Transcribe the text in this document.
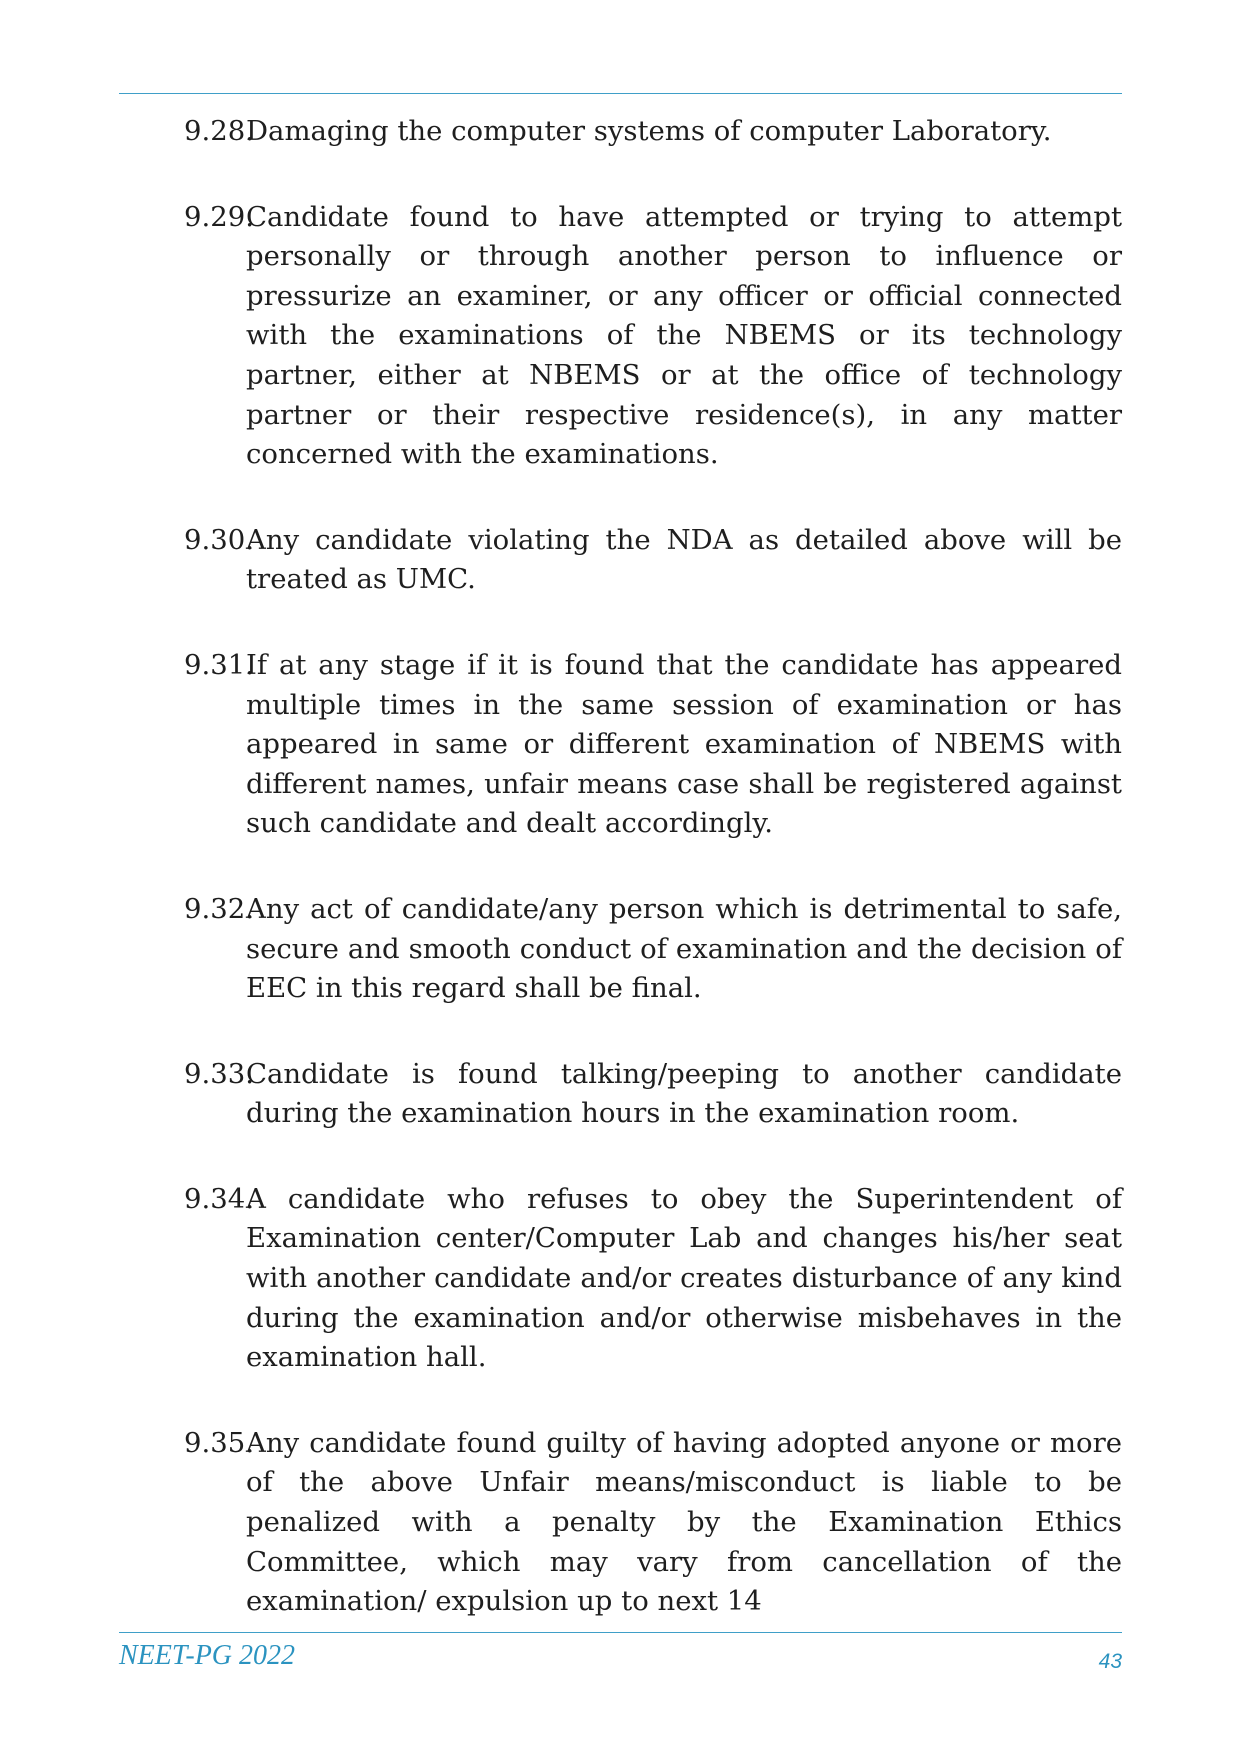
9.28.
Damaging the computer systems of computer Laboratory.
9.29.
Candidate found to have attempted or trying to attempt personally or through another person to influence or pressurize an examiner, or any officer or official connected with the examinations of the NBEMS or its technology partner, either at NBEMS or at the office of technology partner or their respective residence(s), in any matter concerned with the examinations.
9.30.
Any candidate violating the NDA as detailed above will be treated as UMC.
9.31.
If at any stage if it is found that the candidate has appeared multiple times in the same session of examination or has appeared in same or different examination of NBEMS with different names, unfair means case shall be registered against such candidate and dealt accordingly.
9.32.
Any act of candidate/any person which is detrimental to safe, secure and smooth conduct of examination and the decision of EEC in this regard shall be final.
9.33.
Candidate is found talking/peeping to another candidate during the examination hours in the examination room.
9.34.
A candidate who refuses to obey the Superintendent of Examination center/Computer Lab and changes his/her seat with another candidate and/or creates disturbance of any kind during the examination and/or otherwise misbehaves in the examination hall.
9.35.
Any candidate found guilty of having adopted anyone or more of the above Unfair means/misconduct is liable to be penalized with a penalty by the Examination Ethics Committee, which may vary from cancellation of the examination/ expulsion up to next 14
NEET-PG 2022	43
